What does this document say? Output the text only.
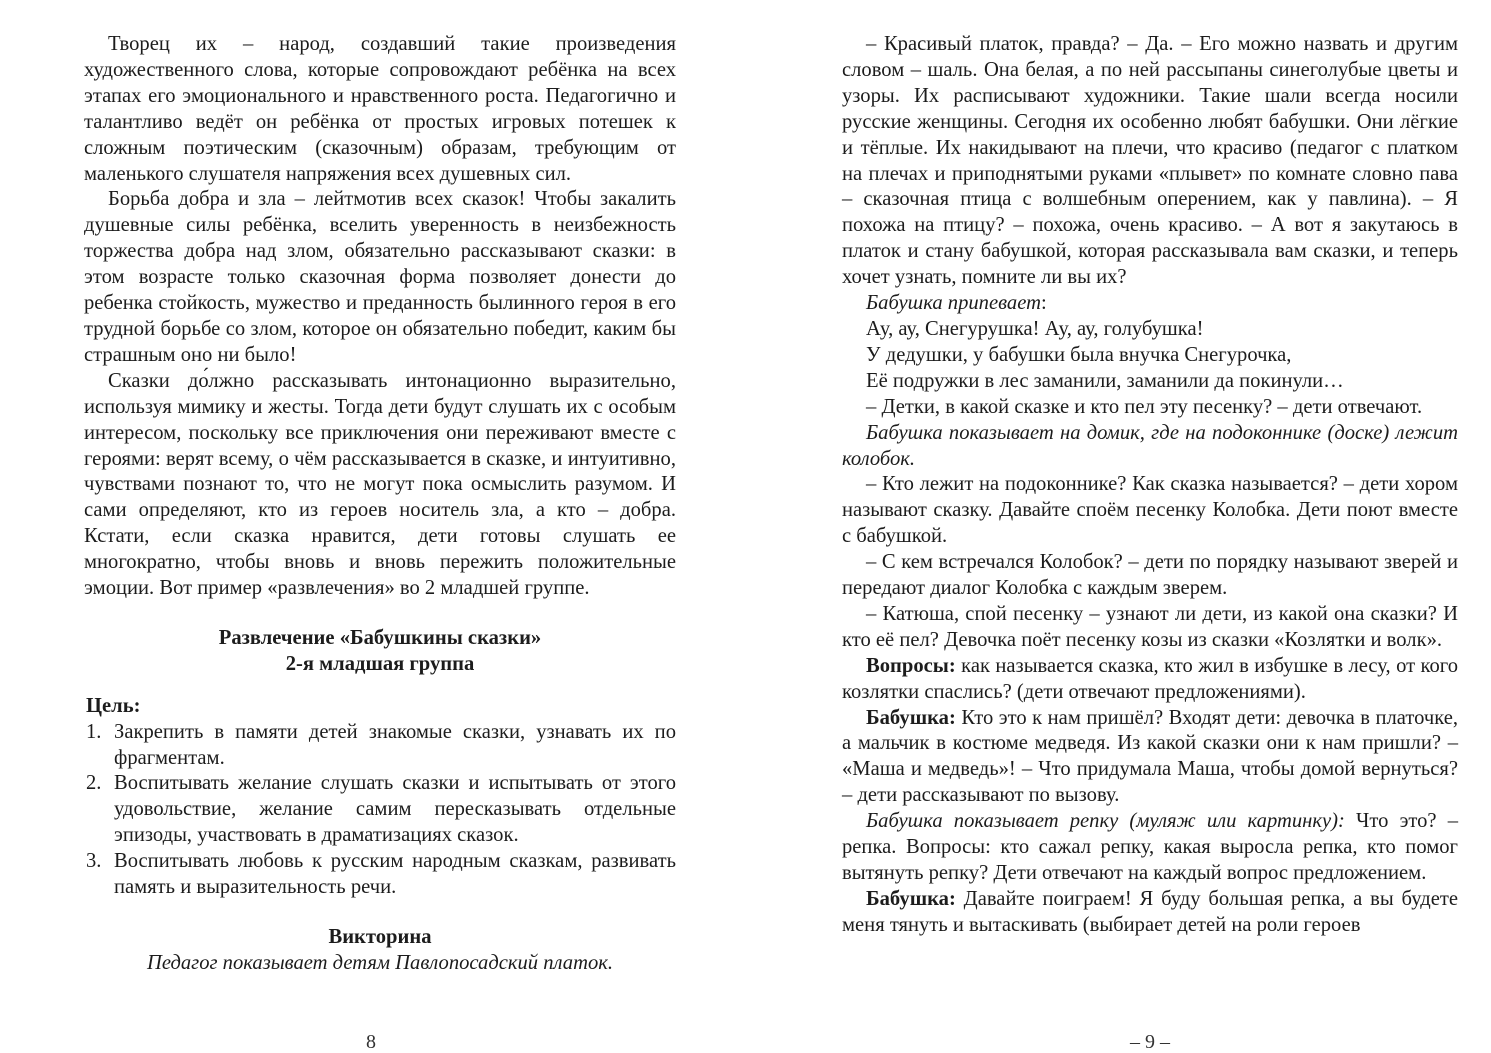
Творец их – народ, создавший такие произведения художественного слова, которые сопровождают ребёнка на всех этапах его эмоционального и нравственного роста. Педагогично и талантливо ведёт он ребёнка от простых игровых потешек к сложным поэтическим (сказочным) образам, требующим от маленького слушателя напряжения всех душевных сил.

Борьба добра и зла – лейтмотив всех сказок! Чтобы закалить душевные силы ребёнка, вселить уверенность в неизбежность торжества добра над злом, обязательно рассказывают сказки: в этом возрасте только сказочная форма позволяет донести до ребенка стойкость, мужество и преданность былинного героя в его трудной борьбе со злом, которое он обязательно победит, каким бы страшным оно ни было!

Сказки до́лжно рассказывать интонационно выразительно, используя мимику и жесты. Тогда дети будут слушать их с особым интересом, поскольку все приключения они переживают вместе с героями: верят всему, о чём рассказывается в сказке, и интуитивно, чувствами познают то, что не могут пока осмыслить разумом. И сами определяют, кто из героев носитель зла, а кто – добра. Кстати, если сказка нравится, дети готовы слушать ее многократно, чтобы вновь и вновь пережить положительные эмоции. Вот пример «развлечения» во 2 младшей группе.

Развлечение «Бабушкины сказки»

2-я младшая группа

Цель:

1. Закрепить в памяти детей знакомые сказки, узнавать их по фрагментам.
2. Воспитывать желание слушать сказки и испытывать от этого удовольствие, желание самим пересказывать отдельные эпизоды, участвовать в драматизациях сказок.
3. Воспитывать любовь к русским народным сказкам, развивать память и выразительность речи.

Викторина

Педагог показывает детям Павлопосадский платок.

– Красивый платок, правда? – Да. – Его можно назвать и другим словом – шаль. Она белая, а по ней рассыпаны синеголубые цветы и узоры. Их расписывают художники. Такие шали всегда носили русские женщины. Сегодня их особенно любят бабушки. Они лёгкие и тёплые. Их накидывают на плечи, что красиво (педагог с платком на плечах и приподнятыми руками «плывет» по комнате словно пава – сказочная птица с волшебным оперением, как у павлина). – Я похожа на птицу? – похожа, очень красиво. – А вот я закутаюсь в платок и стану бабушкой, которая рассказывала вам сказки, и теперь хочет узнать, помните ли вы их?

Бабушка припевает:

Ау, ау, Снегурушка! Ау, ау, голубушка!

У дедушки, у бабушки была внучка Снегурочка,

Её подружки в лес заманили, заманили да покинули…

– Детки, в какой сказке и кто пел эту песенку? – дети отвечают.

Бабушка показывает на домик, где на подоконнике (доске) лежит колобок.

– Кто лежит на подоконнике? Как сказка называется? – дети хором называют сказку. Давайте споём песенку Колобка. Дети поют вместе с бабушкой.

– С кем встречался Колобок? – дети по порядку называют зверей и передают диалог Колобка с каждым зверем.

– Катюша, спой песенку – узнают ли дети, из какой она сказки? И кто её пел? Девочка поёт песенку козы из сказки «Козлятки и волк».

Вопросы: как называется сказка, кто жил в избушке в лесу, от кого козлятки спаслись? (дети отвечают предложениями).

Бабушка: Кто это к нам пришёл? Входят дети: девочка в платочке, а мальчик в костюме медведя. Из какой сказки они к нам пришли? – «Маша и медведь»! – Что придумала Маша, чтобы домой вернуться? – дети рассказывают по вызову.

Бабушка показывает репку (муляж или картинку): Что это? – репка. Вопросы: кто сажал репку, какая выросла репка, кто помог вытянуть репку? Дети отвечают на каждый вопрос предложением.

Бабушка: Давайте поиграем! Я буду большая репка, а вы будете меня тянуть и вытаскивать (выбирает детей на роли героев

8	– 9 –
